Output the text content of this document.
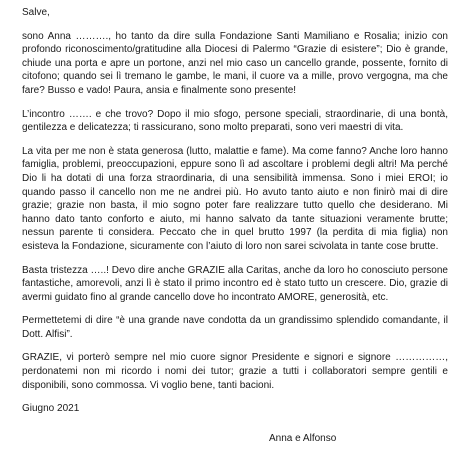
Salve,

sono Anna ………., ho tanto da dire sulla Fondazione Santi Mamiliano e Rosalia; inizio con profondo riconoscimento/gratitudine alla Diocesi di Palermo “Grazie di esistere”; Dio è grande, chiude una porta e apre un portone, anzi nel mio caso un cancello grande, possente, fornito di citofono; quando sei lì tremano le gambe, le mani, il cuore va a mille, provo vergogna, ma che fare? Busso e vado! Paura, ansia e finalmente sono presente!

L’incontro ……. e che trovo? Dopo il mio sfogo, persone speciali, straordinarie, di una bontà, gentilezza e delicatezza; ti rassicurano, sono molto preparati, sono veri maestri di vita.

La vita per me non è stata generosa (lutto, malattie e fame). Ma come fanno? Anche loro hanno famiglia, problemi, preoccupazioni, eppure sono lì ad ascoltare i problemi degli altri! Ma perché Dio li ha dotati di una forza straordinaria, di una sensibilità immensa. Sono i miei EROI; io quando passo il cancello non me ne andrei più. Ho avuto tanto aiuto e non finirò mai di dire grazie; grazie non basta, il mio sogno poter fare realizzare tutto quello che desiderano. Mi hanno dato tanto conforto e aiuto, mi hanno salvato da tante situazioni veramente brutte; nessun parente ti considera. Peccato che in quel brutto 1997 (la perdita di mia figlia) non esisteva la Fondazione, sicuramente con l’aiuto di loro non sarei scivolata in tante cose brutte.

Basta tristezza …..! Devo dire anche GRAZIE alla Caritas, anche da loro ho conosciuto persone fantastiche, amorevoli, anzi lì è stato il primo incontro ed è stato tutto un crescere. Dio, grazie di avermi guidato fino al grande cancello dove ho incontrato AMORE, generosità, etc.

Permettetemi di dire “è una grande nave condotta da un grandissimo splendido comandante, il Dott. Alfisi”.

GRAZIE, vi porterò sempre nel mio cuore signor Presidente e signori e signore ……………, perdonatemi non mi ricordo i nomi dei tutor; grazie a tutti i collaboratori sempre gentili e disponibili, sono commossa. Vi voglio bene, tanti bacioni.

Giugno 2021

Anna e Alfonso
